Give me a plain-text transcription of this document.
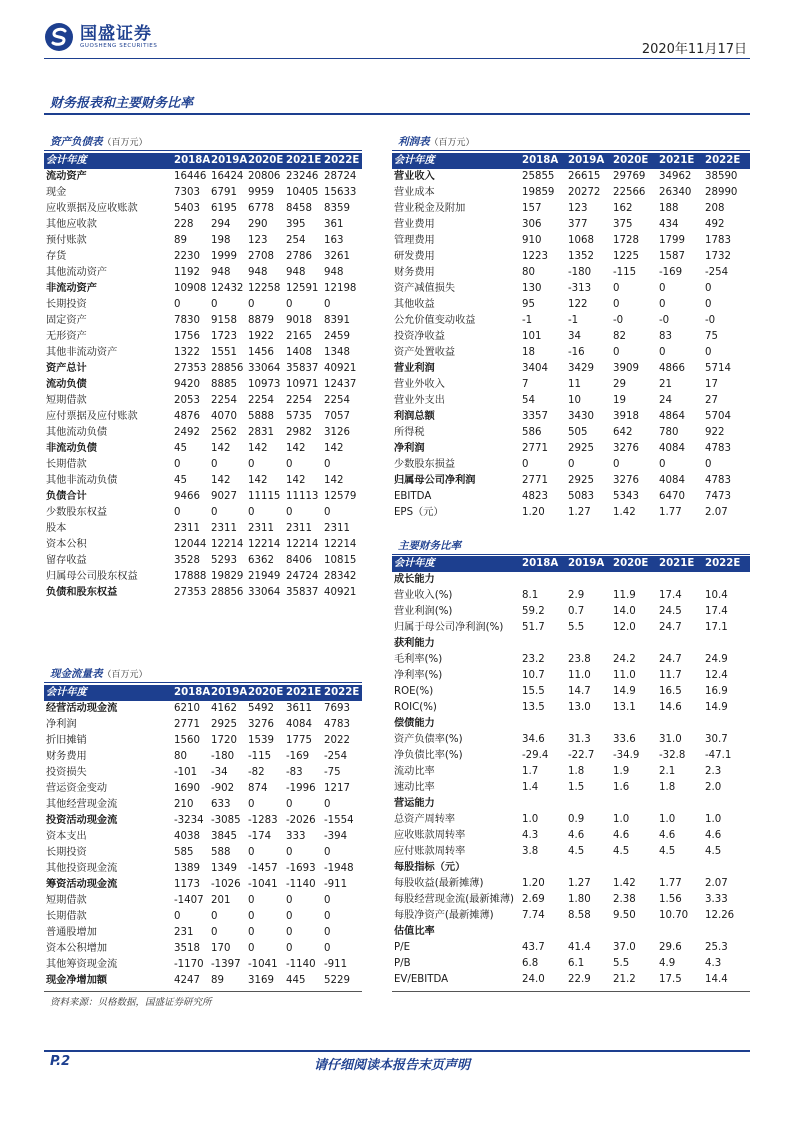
国盛证券
GUOSHENG SECURITIES	2020年11月17日
财务报表和主要财务比率
资产负债表（百万元）
会计年度	2018A	2019A	2020E	2021E	2022E
流动资产	16446	16424	20806	23246	28724
现金	7303	6791	9959	10405	15633
应收票据及应收账款	5403	6195	6778	8458	8359
其他应收款	228	294	290	395	361
预付账款	89	198	123	254	163
存货	2230	1999	2708	2786	3261
其他流动资产	1192	948	948	948	948
非流动资产	10908	12432	12258	12591	12198
长期投资	0	0	0	0	0
固定资产	7830	9158	8879	9018	8391
无形资产	1756	1723	1922	2165	2459
其他非流动资产	1322	1551	1456	1408	1348
资产总计	27353	28856	33064	35837	40921
流动负债	9420	8885	10973	10971	12437
短期借款	2053	2254	2254	2254	2254
应付票据及应付账款	4876	4070	5888	5735	7057
其他流动负债	2492	2562	2831	2982	3126
非流动负债	45	142	142	142	142
长期借款	0	0	0	0	0
其他非流动负债	45	142	142	142	142
负债合计	9466	9027	11115	11113	12579
少数股东权益	0	0	0	0	0
股本	2311	2311	2311	2311	2311
资本公积	12044	12214	12214	12214	12214
留存收益	3528	5293	6362	8406	10815
归属母公司股东权益	17888	19829	21949	24724	28342
负债和股东权益	27353	28856	33064	35837	40921
现金流量表（百万元）
会计年度	2018A	2019A	2020E	2021E	2022E
经营活动现金流	6210	4162	5492	3611	7693
净利润	2771	2925	3276	4084	4783
折旧摊销	1560	1720	1539	1775	2022
财务费用	80	-180	-115	-169	-254
投资损失	-101	-34	-82	-83	-75
营运资金变动	1690	-902	874	-1996	1217
其他经营现金流	210	633	0	0	0
投资活动现金流	-3234	-3085	-1283	-2026	-1554
资本支出	4038	3845	-174	333	-394
长期投资	585	588	0	0	0
其他投资现金流	1389	1349	-1457	-1693	-1948
筹资活动现金流	1173	-1026	-1041	-1140	-911
短期借款	-1407	201	0	0	0
长期借款	0	0	0	0	0
普通股增加	231	0	0	0	0
资本公积增加	3518	170	0	0	0
其他筹资现金流	-1170	-1397	-1041	-1140	-911
现金净增加额	4247	89	3169	445	5229
利润表（百万元）
会计年度	2018A	2019A	2020E	2021E	2022E
营业收入	25855	26615	29769	34962	38590
营业成本	19859	20272	22566	26340	28990
营业税金及附加	157	123	162	188	208
营业费用	306	377	375	434	492
管理费用	910	1068	1728	1799	1783
研发费用	1223	1352	1225	1587	1732
财务费用	80	-180	-115	-169	-254
资产减值损失	130	-313	0	0	0
其他收益	95	122	0	0	0
公允价值变动收益	-1	-1	-0	-0	-0
投资净收益	101	34	82	83	75
资产处置收益	18	-16	0	0	0
营业利润	3404	3429	3909	4866	5714
营业外收入	7	11	29	21	17
营业外支出	54	10	19	24	27
利润总额	3357	3430	3918	4864	5704
所得税	586	505	642	780	922
净利润	2771	2925	3276	4084	4783
少数股东损益	0	0	0	0	0
归属母公司净利润	2771	2925	3276	4084	4783
EBITDA	4823	5083	5343	6470	7473
EPS（元）	1.20	1.27	1.42	1.77	2.07
主要财务比率
会计年度	2018A	2019A	2020E	2021E	2022E
成长能力					
营业收入(%)	8.1	2.9	11.9	17.4	10.4
营业利润(%)	59.2	0.7	14.0	24.5	17.4
归属于母公司净利润(%)	51.7	5.5	12.0	24.7	17.1
获利能力					
毛利率(%)	23.2	23.8	24.2	24.7	24.9
净利率(%)	10.7	11.0	11.0	11.7	12.4
ROE(%)	15.5	14.7	14.9	16.5	16.9
ROIC(%)	13.5	13.0	13.1	14.6	14.9
偿债能力					
资产负债率(%)	34.6	31.3	33.6	31.0	30.7
净负债比率(%)	-29.4	-22.7	-34.9	-32.8	-47.1
流动比率	1.7	1.8	1.9	2.1	2.3
速动比率	1.4	1.5	1.6	1.8	2.0
营运能力					
总资产周转率	1.0	0.9	1.0	1.0	1.0
应收账款周转率	4.3	4.6	4.6	4.6	4.6
应付账款周转率	3.8	4.5	4.5	4.5	4.5
每股指标（元）					
每股收益(最新摊薄)	1.20	1.27	1.42	1.77	2.07
每股经营现金流(最新摊薄)	2.69	1.80	2.38	1.56	3.33
每股净资产(最新摊薄)	7.74	8.58	9.50	10.70	12.26
估值比率					
P/E	43.7	41.4	37.0	29.6	25.3
P/B	6.8	6.1	5.5	4.9	4.3
EV/EBITDA	24.0	22.9	21.2	17.5	14.4
资料来源：贝格数据，国盛证券研究所
P.2	请仔细阅读本报告末页声明
